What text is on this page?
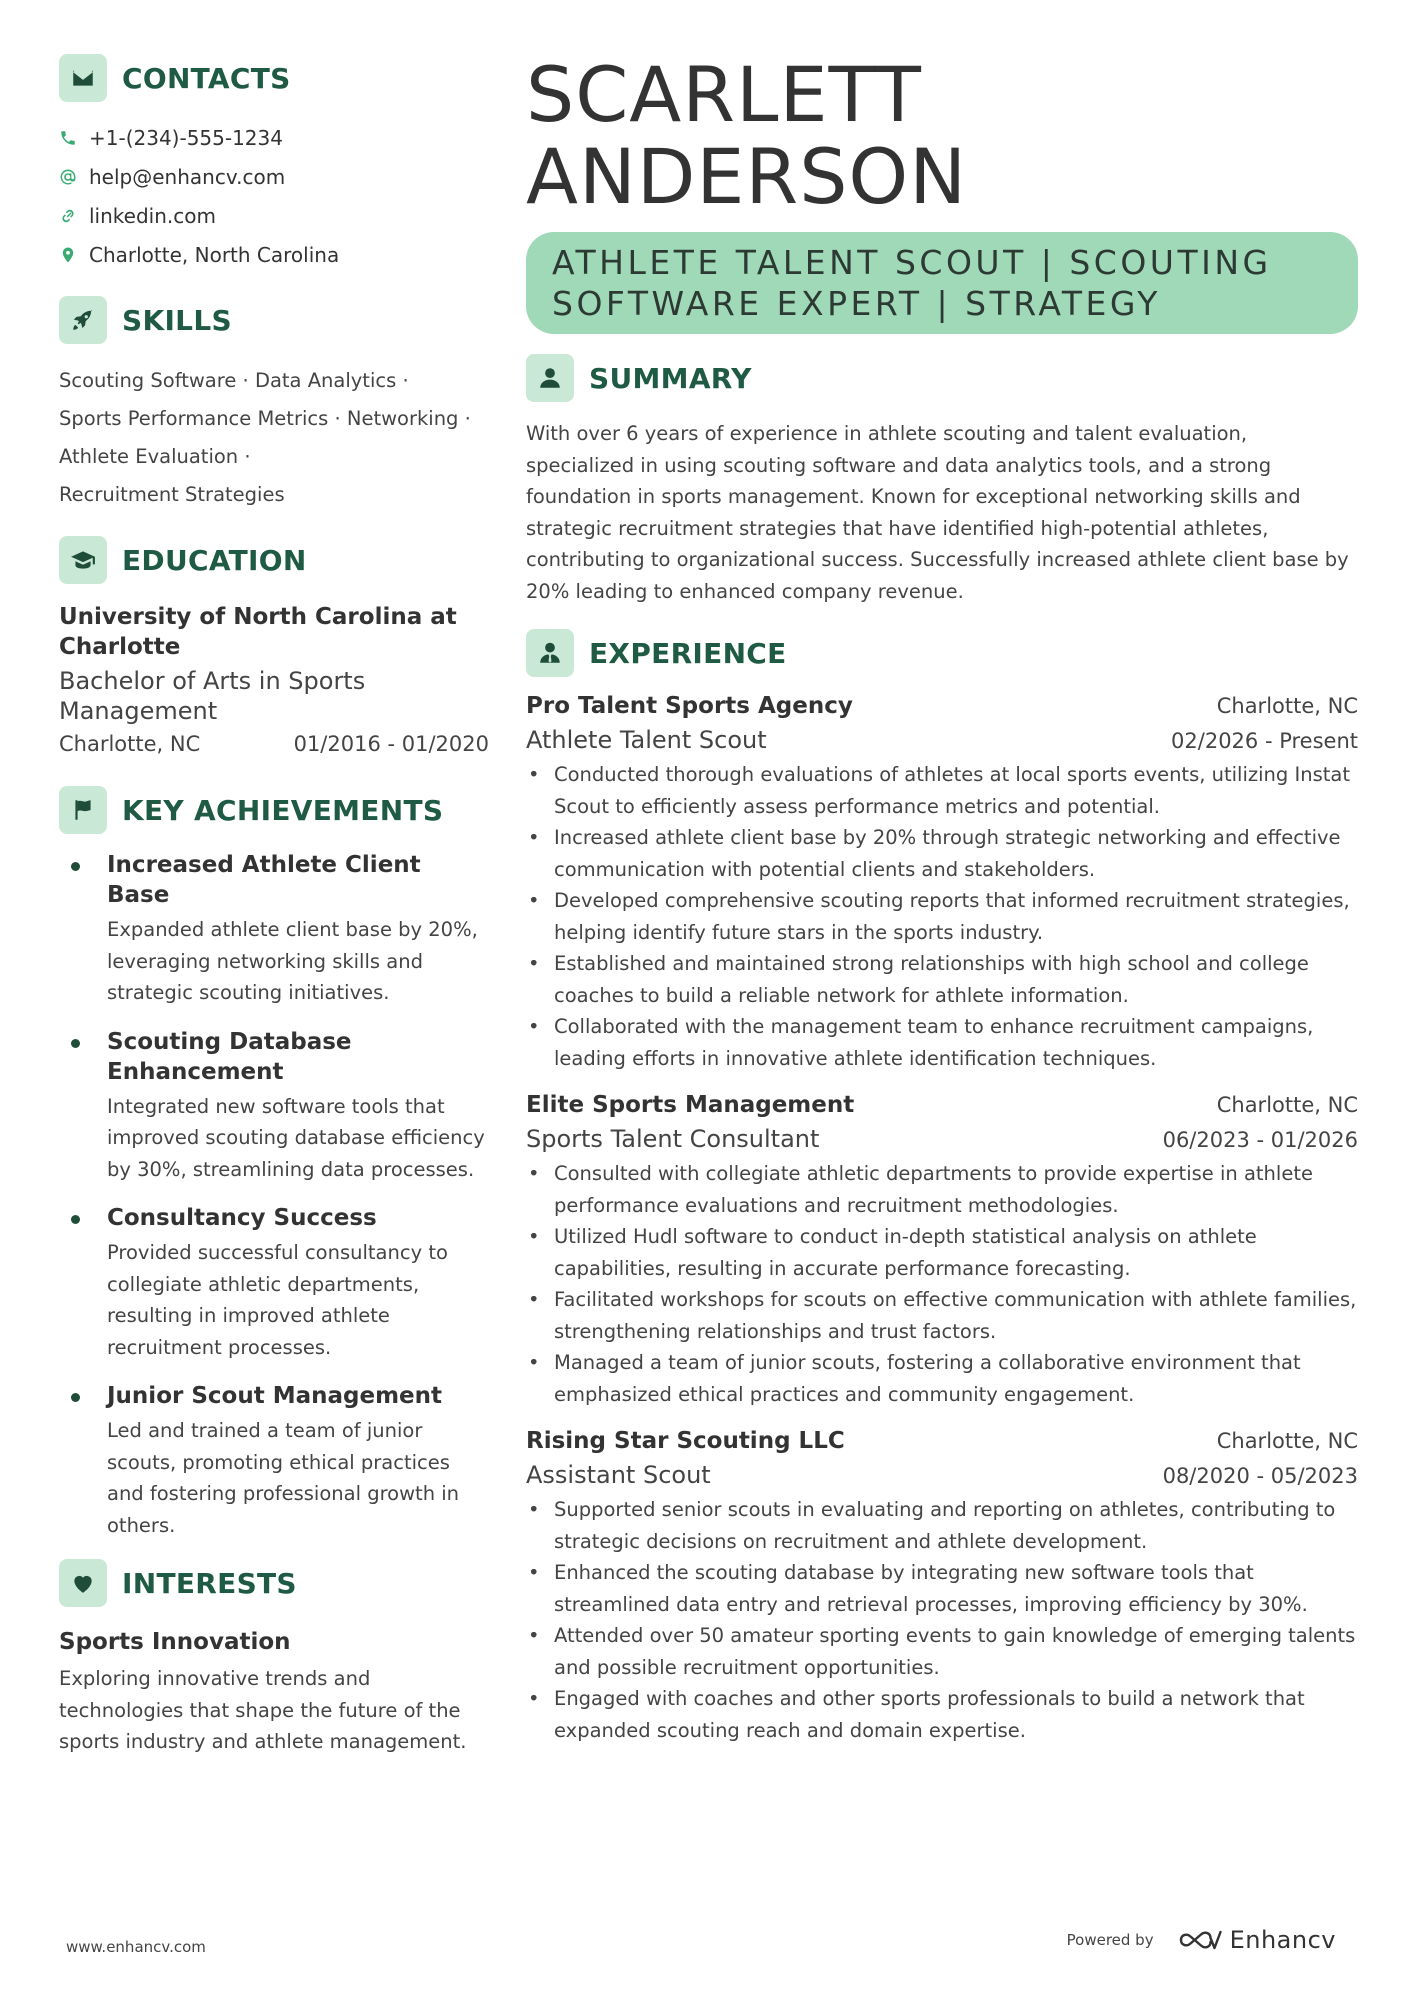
CONTACTS
+1-(234)-555-1234
help@enhancv.com
linkedin.com
Charlotte, North Carolina
SKILLS
Scouting Software · Data Analytics ·
Sports Performance Metrics · Networking ·
Athlete Evaluation ·
Recruitment Strategies
EDUCATION
University of North Carolina at Charlotte
Bachelor of Arts in Sports Management
Charlotte, NC	01/2016 - 01/2020
KEY ACHIEVEMENTS
Increased Athlete Client Base
Expanded athlete client base by 20%, leveraging networking skills and strategic scouting initiatives.
Scouting Database Enhancement
Integrated new software tools that improved scouting database efficiency by 30%, streamlining data processes.
Consultancy Success
Provided successful consultancy to collegiate athletic departments, resulting in improved athlete recruitment processes.
Junior Scout Management
Led and trained a team of junior scouts, promoting ethical practices and fostering professional growth in others.
INTERESTS
Sports Innovation
Exploring innovative trends and technologies that shape the future of the sports industry and athlete management.
SCARLETT
ANDERSON
ATHLETE TALENT SCOUT | SCOUTING
SOFTWARE EXPERT | STRATEGY
SUMMARY
With over 6 years of experience in athlete scouting and talent evaluation, specialized in using scouting software and data analytics tools, and a strong foundation in sports management. Known for exceptional networking skills and strategic recruitment strategies that have identified high-potential athletes, contributing to organizational success. Successfully increased athlete client base by 20% leading to enhanced company revenue.
EXPERIENCE
Pro Talent Sports Agency	Charlotte, NC
Athlete Talent Scout	02/2026 - Present
• Conducted thorough evaluations of athletes at local sports events, utilizing Instat Scout to efficiently assess performance metrics and potential.
• Increased athlete client base by 20% through strategic networking and effective communication with potential clients and stakeholders.
• Developed comprehensive scouting reports that informed recruitment strategies, helping identify future stars in the sports industry.
• Established and maintained strong relationships with high school and college coaches to build a reliable network for athlete information.
• Collaborated with the management team to enhance recruitment campaigns, leading efforts in innovative athlete identification techniques.
Elite Sports Management	Charlotte, NC
Sports Talent Consultant	06/2023 - 01/2026
• Consulted with collegiate athletic departments to provide expertise in athlete performance evaluations and recruitment methodologies.
• Utilized Hudl software to conduct in-depth statistical analysis on athlete capabilities, resulting in accurate performance forecasting.
• Facilitated workshops for scouts on effective communication with athlete families, strengthening relationships and trust factors.
• Managed a team of junior scouts, fostering a collaborative environment that emphasized ethical practices and community engagement.
Rising Star Scouting LLC	Charlotte, NC
Assistant Scout	08/2020 - 05/2023
• Supported senior scouts in evaluating and reporting on athletes, contributing to strategic decisions on recruitment and athlete development.
• Enhanced the scouting database by integrating new software tools that streamlined data entry and retrieval processes, improving efficiency by 30%.
• Attended over 50 amateur sporting events to gain knowledge of emerging talents and possible recruitment opportunities.
• Engaged with coaches and other sports professionals to build a network that expanded scouting reach and domain expertise.
www.enhancv.com	Powered by	Enhancv
